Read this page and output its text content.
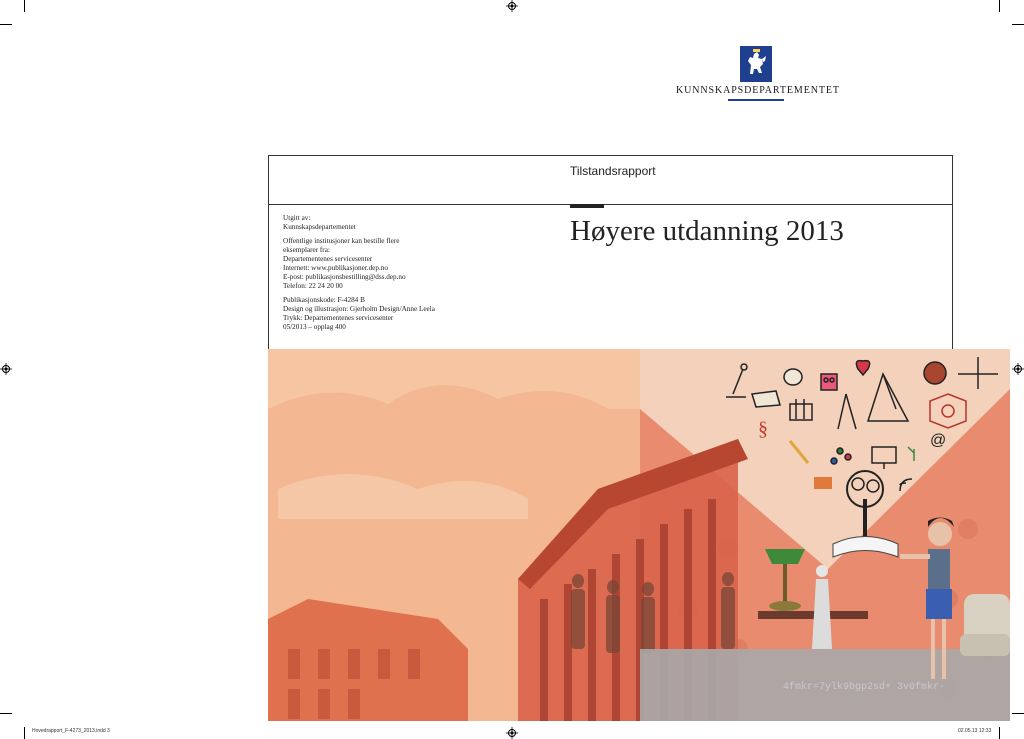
KUNNSKAPSDEPARTEMENTET
Tilstandsrapport
Høyere utdanning 2013

Utgitt av:
Kunnskapsdepartementet

Offentlige institusjoner kan bestille flere
eksemplarer fra:
Departementenes servicesenter
Internett: www.publikasjoner.dep.no
E-post: publikasjonsbestilling@dss.dep.no
Telefon: 22 24 20 00

Publikasjonskode: F-4284 B
Design og illustrasjon: Gjerholm Design/Anne Leela
Trykk: Departementenes servicesenter
05/2013 – opplag 400

§
@
4fmkr=7ylk9bgp2sd+ 3v0fmkr-
Hovedrapport_F-4273_2013.indd 3	02.05.13 12:33
